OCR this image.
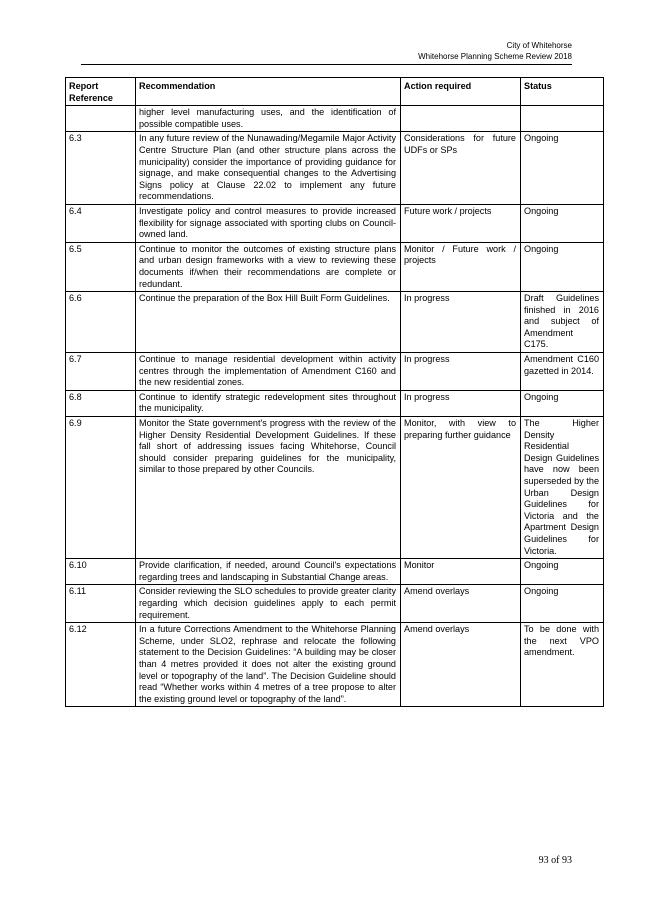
City of Whitehorse
Whitehorse Planning Scheme Review 2018
Report Reference	Recommendation	Action required	Status
	higher level manufacturing uses, and the identification of possible compatible uses.		
6.3	In any future review of the Nunawading/Megamile Major Activity Centre Structure Plan (and other structure plans across the municipality) consider the importance of providing guidance for signage, and make consequential changes to the Advertising Signs policy at Clause 22.02 to implement any future recommendations.	Considerations for future UDFs or SPs	Ongoing
6.4	Investigate policy and control measures to provide increased flexibility for signage associated with sporting clubs on Council-owned land.	Future work / projects	Ongoing
6.5	Continue to monitor the outcomes of existing structure plans and urban design frameworks with a view to reviewing these documents if/when their recommendations are complete or redundant.	Monitor / Future work / projects	Ongoing
6.6	Continue the preparation of the Box Hill Built Form Guidelines.	In progress	Draft Guidelines finished in 2016 and subject of Amendment C175.
6.7	Continue to manage residential development within activity centres through the implementation of Amendment C160 and the new residential zones.	In progress	Amendment C160 gazetted in 2014.
6.8	Continue to identify strategic redevelopment sites throughout the municipality.	In progress	Ongoing
6.9	Monitor the State government's progress with the review of the Higher Density Residential Development Guidelines. If these fall short of addressing issues facing Whitehorse, Council should consider preparing guidelines for the municipality, similar to those prepared by other Councils.	Monitor, with view to preparing further guidance	The Higher Density Residential Design Guidelines have now been superseded by the Urban Design Guidelines for Victoria and the Apartment Design Guidelines for Victoria.
6.10	Provide clarification, if needed, around Council's expectations regarding trees and landscaping in Substantial Change areas.	Monitor	Ongoing
6.11	Consider reviewing the SLO schedules to provide greater clarity regarding which decision guidelines apply to each permit requirement.	Amend overlays	Ongoing
6.12	In a future Corrections Amendment to the Whitehorse Planning Scheme, under SLO2, rephrase and relocate the following statement to the Decision Guidelines: “A building may be closer than 4 metres provided it does not alter the existing ground level or topography of the land”. The Decision Guideline should read “Whether works within 4 metres of a tree propose to alter the existing ground level or topography of the land”.	Amend overlays	To be done with the next VPO amendment.
93 of 93
